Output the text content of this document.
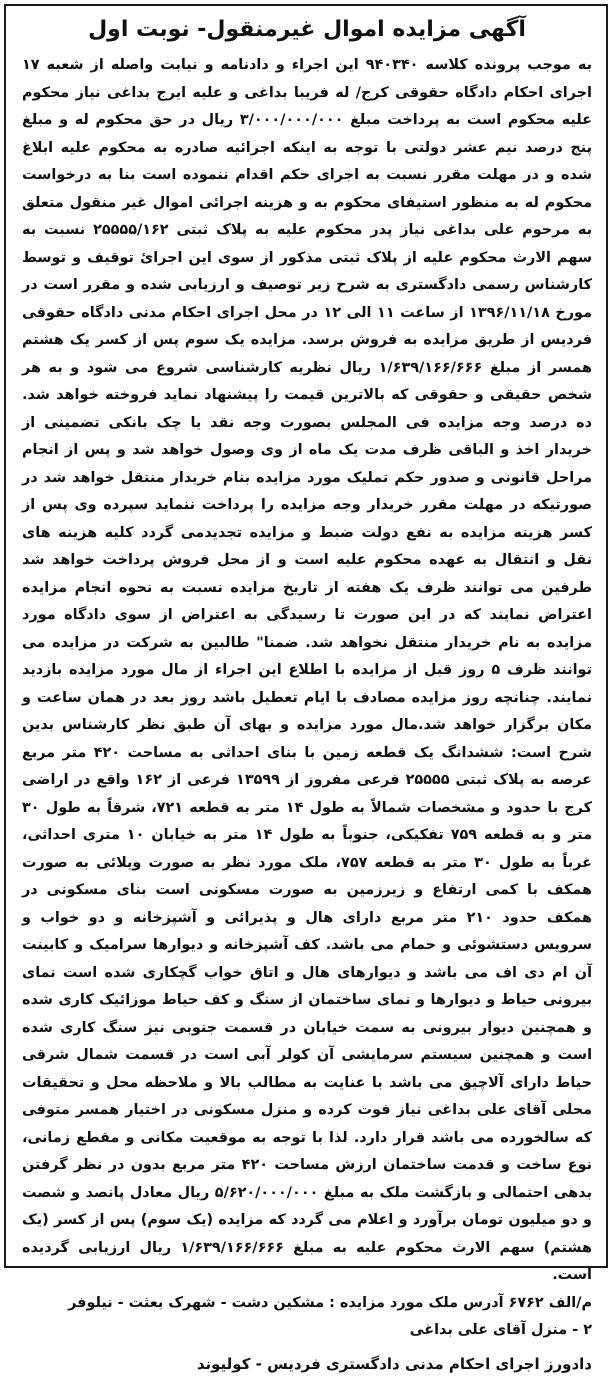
آگهی مزایده اموال غیرمنقول- نوبت اول

به موجب پرونده کلاسه ۹۴۰۳۴۰ این اجراء و دادنامه و نیابت واصله از شعبه ۱۷ اجرای احکام دادگاه حقوقی کرج/ له فریبا بداغی و علیه ایرج بداغی نیاز محکوم علیه محکوم است به پرداخت مبلغ ۳/۰۰۰/۰۰۰/۰۰۰ ریال در حق محکوم له و مبلغ پنج درصد نیم عشر دولتی با توجه به اینکه اجرائیه صادره به محکوم علیه ابلاغ شده و در مهلت مقرر نسبت به اجرای حکم اقدام ننموده است بنا به درخواست محکوم له به منظور استیفای محکوم به و هزینه اجرائی اموال غیر منقول متعلق به مرحوم علی بداغی نیاز پدر محکوم علیه به پلاک ثبتی ۲۵۵۵۵/۱۶۲ نسبت به سهم الارث محکوم علیه از پلاک ثبتی مذکور از سوی این اجرائ توقیف و توسط کارشناس رسمی دادگستری به شرح زیر توصیف و ارزیابی شده و مقرر است در مورخ ۱۳۹۶/۱۱/۱۸ از ساعت ۱۱ الی ۱۲ در محل اجرای احکام مدنی دادگاه حقوقی فردیس از طریق مزایده به فروش برسد. مزایده یک سوم پس از کسر یک هشتم همسر از مبلغ ۱/۶۳۹/۱۶۶/۶۶۶ ریال نظریه کارشناسی شروع می شود و به هر شخص حقیقی و حقوقی که بالاترین قیمت را پیشنهاد نماید فروخته خواهد شد. ده درصد وجه مزایده فی المجلس بصورت وجه نقد یا چک بانکی تضمینی از خریدار اخذ و الباقی ظرف مدت یک ماه از وی وصول خواهد شد و پس از انجام مراحل قانونی و صدور حکم تملیک مورد مزایده بنام خریدار منتقل خواهد شد در صورتیکه در مهلت مقرر خریدار وجه مزایده را پرداخت ننماید سپرده وی پس از کسر هزینه مزایده به نفع دولت ضبط و مزایده تجدیدمی گردد کلیه هزینه های نقل و انتقال به عهده محکوم علیه است و از محل فروش پرداخت خواهد شد طرفین می توانند ظرف یک هفته از تاریخ مزایده نسبت به نحوه انجام مزایده اعتراض نمایند که در این صورت تا رسیدگی به اعتراض از سوی دادگاه مورد مزایده به نام خریدار منتقل نخواهد شد. ضمنا" طالبین به شرکت در مزایده می توانند ظرف ۵ روز قبل از مزایده با اطلاع این اجراء از مال مورد مزایده بازدید نمایند. چنانچه روز مزایده مصادف با ایام تعطیل باشد روز بعد در همان ساعت و مکان برگزار خواهد شد.مال مورد مزایده و بهای آن طبق نظر کارشناس بدین شرح است: ششدانگ یک قطعه زمین با بنای احداثی به مساحت ۴۲۰ متر مربع عرصه به پلاک ثبتی ۲۵۵۵۵ فرعی مفروز از ۱۳۵۹۹ فرعی از ۱۶۲ واقع در اراضی کرج با حدود و مشخصات شمالاً به طول ۱۴ متر به قطعه ۷۲۱، شرقاً به طول ۳۰ متر و به قطعه ۷۵۹ تفکیکی، جنوباً به طول ۱۴ متر به خیابان ۱۰ متری احداثی، غرباً به طول ۳۰ متر به قطعه ۷۵۷، ملک مورد نظر به صورت ویلائی به صورت همکف با کمی ارتفاع و زیرزمین به صورت مسکونی است بنای مسکونی در همکف حدود ۲۱۰ متر مربع دارای هال و پذیرائی و آشپزخانه و دو خواب و سرویس دستشوئی و حمام می باشد. کف آشپزخانه و دیوارها سرامیک و کابینت آن ام دی اف می باشد و دیوارهای هال و اتاق خواب گچکاری شده است نمای بیرونی حیاط و دیوارها و نمای ساختمان از سنگ و کف حیاط موزائیک کاری شده و همچنین دیوار بیرونی به سمت خیابان در قسمت جنوبی نیز سنگ کاری شده است و همچنین سیستم سرمایشی آن کولر آبی است در قسمت شمال شرقی حیاط دارای آلاچیق می باشد با عنایت به مطالب بالا و ملاحظه محل و تحقیقات محلی آقای علی بداغی نیاز فوت کرده و منزل مسکونی در اختیار همسر متوفی که سالخورده می باشد قرار دارد. لذا با توجه به موقعیت مکانی و مقطع زمانی، نوع ساخت و قدمت ساختمان ارزش مساحت ۴۲۰ متر مربع بدون در نظر گرفتن بدهی احتمالی و بازگشت ملک به مبلغ ۵/۶۲۰/۰۰۰/۰۰۰ ریال معادل پانصد و شصت و دو میلیون تومان برآورد و اعلام می گردد که مزایده (یک سوم) پس از کسر (یک هشتم) سهم الارث محکوم علیه به مبلغ ۱/۶۳۹/۱۶۶/۶۶۶ ریال ارزیابی گردیده است.

م/الف ۶۷۶۲ آدرس ملک مورد مزایده : مشکین دشت - شهرک بعثت - نیلوفر

۲ - منزل آقای علی بداغی

دادورز اجرای احکام مدنی دادگستری فردیس - کولیوند
